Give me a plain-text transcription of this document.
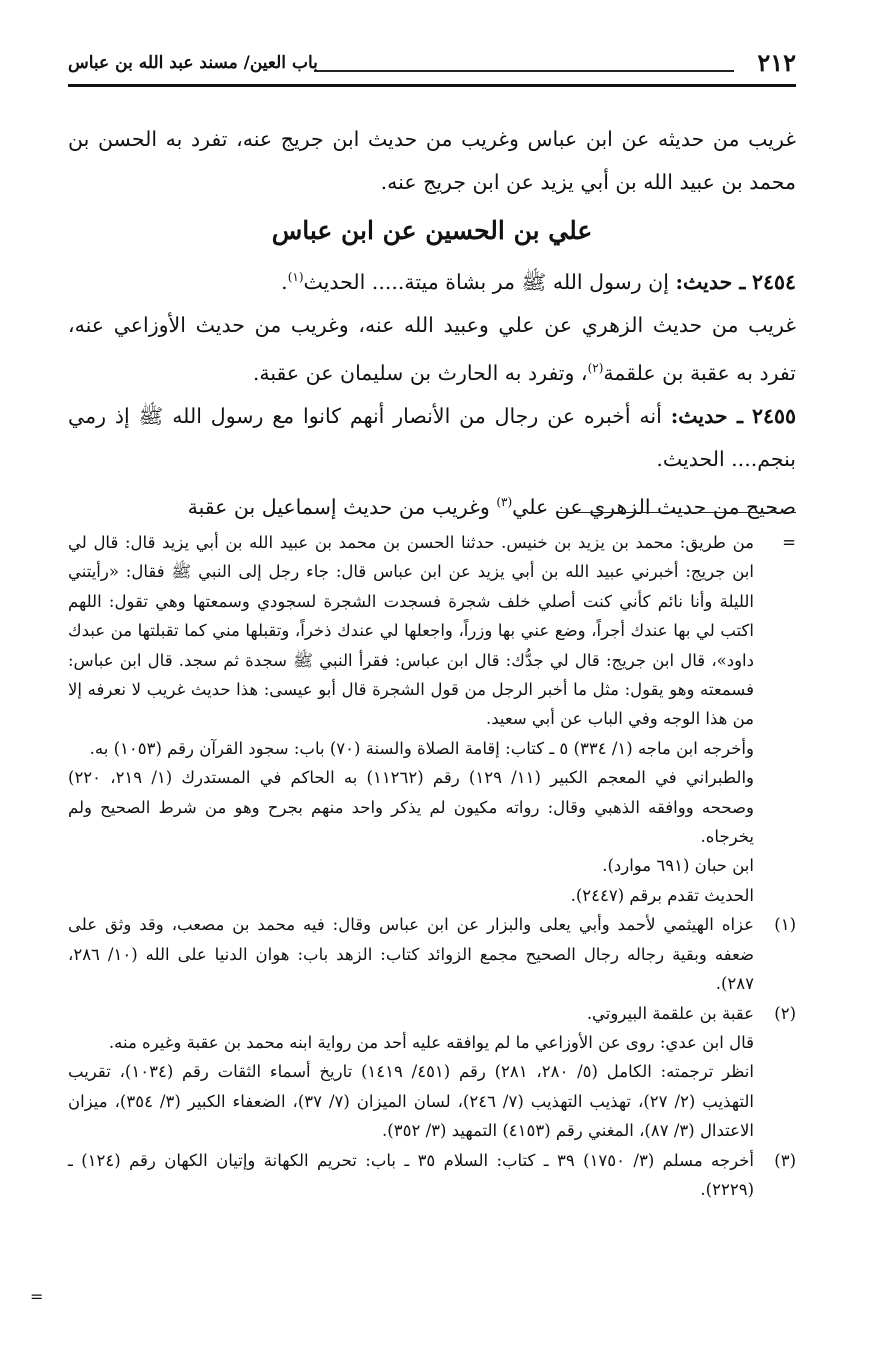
٢١٢
باب العين/ مسند عبد الله بن عباس

غريب من حديثه عن ابن عباس وغريب من حديث ابن جريج عنه، تفرد به الحسن بن محمد بن عبيد الله بن أبي يزيد عن ابن جريج عنه.

علي بن الحسين عن ابن عباس

٢٤٥٤ ـ حديث: إن رسول الله ﷺ مر بشاة ميتة..... الحديث$^{(١)}$.

غريب من حديث الزهري عن علي وعبيد الله عنه، وغريب من حديث الأوزاعي عنه، تفرد به عقبة بن علقمة$^{(٢)}$، وتفرد به الحارث بن سليمان عن عقبة.

٢٤٥٥ ـ حديث: أنه أخبره عن رجال من الأنصار أنهم كانوا مع رسول الله ﷺ إذ رمي بنجم.... الحديث.

صحيح من حديث الزهري عن علي$^{(٣)}$ وغريب من حديث إسماعيل بن عقبة

=

من طريق: محمد بن يزيد بن خنيس. حدثنا الحسن بن محمد بن عبيد الله بن أبي يزيد قال: قال لي ابن جريج: أخبرني عبيد الله بن أبي يزيد عن ابن عباس قال: جاء رجل إلى النبي ﷺ فقال: «رأيتني الليلة وأنا نائم كأني كنت أصلي خلف شجرة فسجدت الشجرة لسجودي وسمعتها وهي تقول: اللهم اكتب لي بها عندك أجراً، وضع عني بها وزراً، واجعلها لي عندك ذخراً، وتقبلها مني كما تقبلتها من عبدك داود»، قال ابن جريج: قال لي جدُّك: قال ابن عباس: فقرأ النبي ﷺ سجدة ثم سجد. قال ابن عباس: فسمعته وهو يقول: مثل ما أخبر الرجل من قول الشجرة قال أبو عيسى: هذا حديث غريب لا نعرفه إلا من هذا الوجه وفي الباب عن أبي سعيد.

وأخرجه ابن ماجه (١/ ٣٣٤) ٥ ـ كتاب: إقامة الصلاة والسنة (٧٠) باب: سجود القرآن رقم (١٠٥٣) به.

والطبراني في المعجم الكبير (١١/ ١٢٩) رقم (١١٢٦٢) به الحاكم في المستدرك (١/ ٢١٩، ٢٢٠) وصححه ووافقه الذهبي وقال: رواته مكيون لم يذكر واحد منهم بجرح وهو من شرط الصحيح ولم يخرجاه.

ابن حبان (٦٩١ موارد).

الحديث تقدم برقم (٢٤٤٧).

(١)

عزاه الهيثمي لأحمد وأبي يعلى والبزار عن ابن عباس وقال: فيه محمد بن مصعب، وقد وثق على ضعفه وبقية رجاله رجال الصحيح مجمع الزوائد كتاب: الزهد باب: هوان الدنيا على الله (١٠/ ٢٨٦، ٢٨٧).

(٢)

عقبة بن علقمة البيروتي.

قال ابن عدي: روى عن الأوزاعي ما لم يوافقه عليه أحد من رواية ابنه محمد بن عقبة وغيره منه.

انظر ترجمته: الكامل (٥/ ٢٨٠، ٢٨١) رقم (٤٥١/ ١٤١٩) تاريخ أسماء الثقات رقم (١٠٣٤)، تقريب التهذيب (٢/ ٢٧)، تهذيب التهذيب (٧/ ٢٤٦)، لسان الميزان (٧/ ٣٧)، الضعفاء الكبير (٣/ ٣٥٤)، ميزان الاعتدال (٣/ ٨٧)، المغني رقم (٤١٥٣) التمهيد (٣/ ٣٥٢).

(٣)

أخرجه مسلم (٣/ ١٧٥٠) ٣٩ ـ كتاب: السلام ٣٥ ـ باب: تحريم الكهانة وإتيان الكهان رقم (١٢٤) ـ (٢٢٢٩).

=
